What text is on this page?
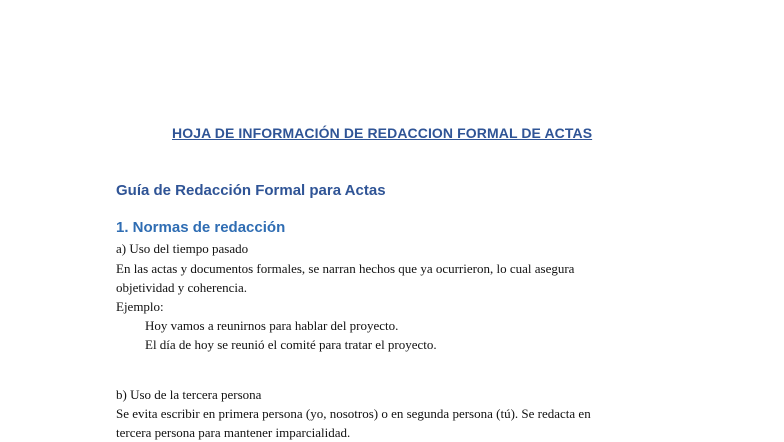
HOJA DE INFORMACIÓN DE REDACCION FORMAL DE ACTAS
Guía de Redacción Formal para Actas
1. Normas de redacción
a) Uso del tiempo pasado
En las actas y documentos formales, se narran hechos que ya ocurrieron, lo cual asegura
objetividad y coherencia.
Ejemplo:
Hoy vamos a reunirnos para hablar del proyecto.
El día de hoy se reunió el comité para tratar el proyecto.
b) Uso de la tercera persona
Se evita escribir en primera persona (yo, nosotros) o en segunda persona (tú). Se redacta en
tercera persona para mantener imparcialidad.
